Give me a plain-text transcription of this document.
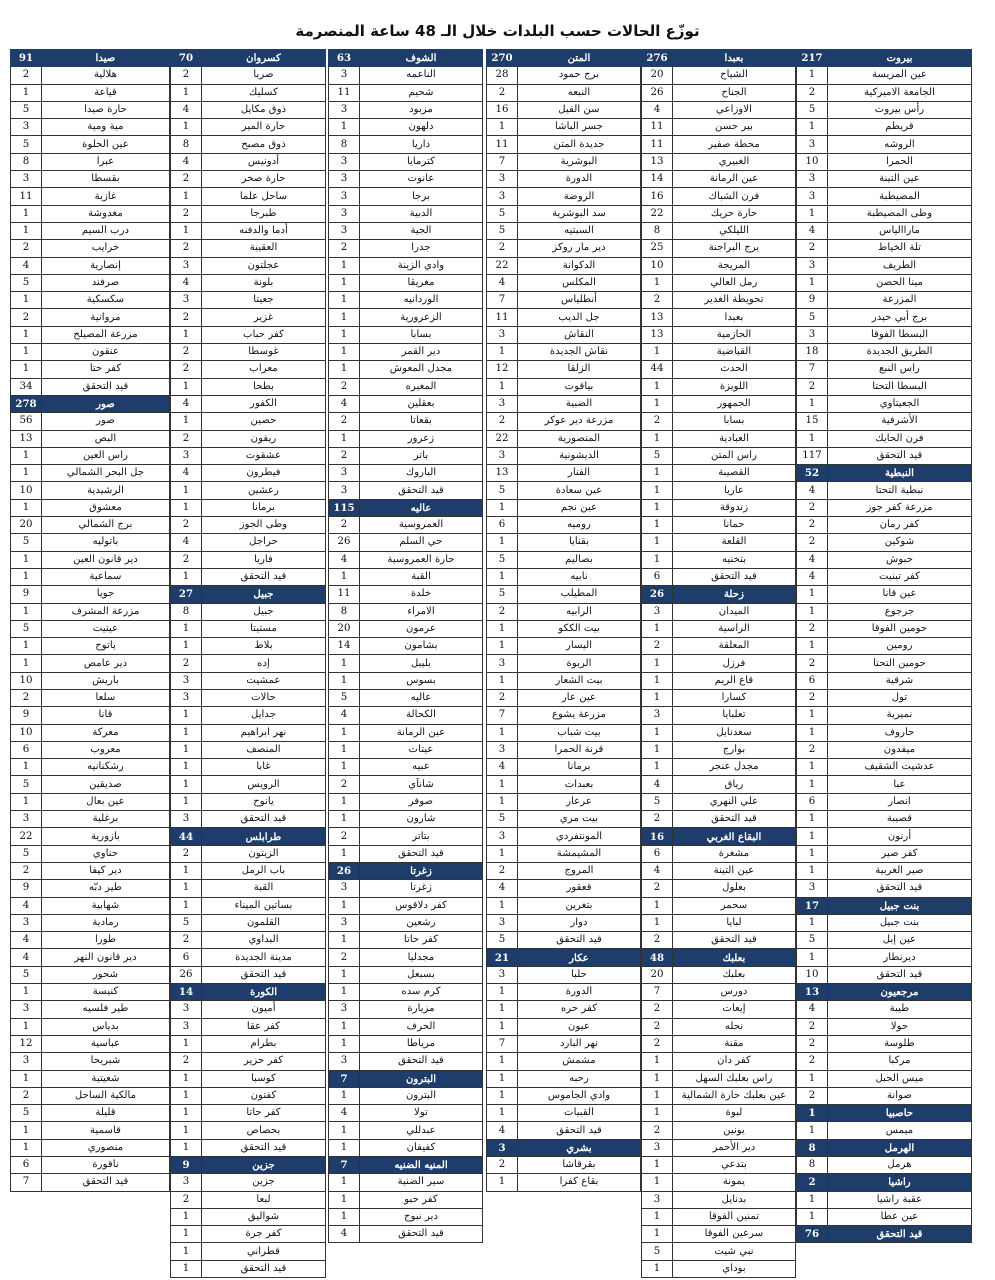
توزّع الحالات حسب البلدات خلال الـ 48 ساعة المنصرمة
217	بيروت
1	عين المريسة
2	الجامعة الاميركية
5	رأس بيروت
1	قريطم
3	الروشه
10	الحمرا
3	عين التينة
3	المصيطبة
1	وطى المصيطبة
4	ماراالياس
2	تلة الخياط
3	الطريف
1	مينا الحصن
9	المزرعة
5	برج أبي حيدر
3	البسطا الفوقا
18	الطريق الجديدة
7	راس النبع
2	البسطا التحتا
1	الجعيتاوي
15	الأشرفية
1	فرن الحايك
117	قيد التحقق
52	النبطية
4	نبطية التحتا
2	مزرعة كفر جوز
2	كفر رمان
2	شوكين
4	حبوش
4	كفر تبنيت
1	عين قانا
1	جرجوع
2	حومين الفوقا
1	رومين
2	حومين التحتا
6	شرقية
2	تول
1	نميرية
1	حاروف
2	ميفدون
1	عدشيت الشقيف
1	عبا
6	انصار
1	قصيبة
1	أرنون
1	كفر صير
1	صير الغربية
3	قيد التحقق
17	بنت جبيل
1	بنت جبيل
5	عين إبل
1	ديرنطار
10	قيد التحقق
13	مرجعيون
4	طيبة
2	حولا
2	طلوسة
2	مركبا
1	ميس الجبل
2	صوانة
1	حاصبيا
1	ميمس
8	الهرمل
8	هرمل
2	راشيا
1	عقبة راشيا
1	عين عطا
76	قيد التحقق
276	بعبدا
20	الشياح
26	الجناح
4	الاوزاعي
11	بير حسن
11	محطة صفير
13	الغبيري
14	عين الرمانة
16	فرن الشباك
22	حارة حريك
8	الليلكي
25	برج البراجنة
10	المريجة
1	رمل العالي
2	تحويطة الغدير
13	بعبدا
13	الحازمية
1	القياضية
44	الحدث
1	اللويزة
1	الجمهور
2	بسابا
1	العبادية
5	راس المتن
1	القصيبة
1	عاريا
1	زندوقة
1	حمانا
1	القلعة
1	بتخنيه
6	قيد التحقق
26	زحلة
3	الميدان
1	الراسية
2	المعلقة
1	فرزل
1	قاع الريم
1	كسارا
3	تعلبايا
1	سعدنايل
1	بوارج
1	مجدل عنجر
4	رياق
5	علي النهري
2	قيد التحقق
16	البقاع الغربي
6	مشغرة
4	عين التينة
2	بعلول
1	سحمر
1	لبايا
2	قيد التحقق
48	بعلبك
20	بعلبك
7	دورس
2	إيعات
2	نحله
2	مقنة
1	كفر دان
1	راس بعلبك السهل
1	عين بعلبك حارة الشمالية
1	لبوة
2	يونين
3	دير الأحمر
1	بتدعي
1	يمونة
3	بدنايل
1	تمنين الفوقا
1	سرعين الفوقا
5	نبي شيت
1	بوداي
270	المتن
28	برج حمود
2	النبعه
16	سن الفيل
1	جسر الباشا
11	جديدة المتن
7	البوشرية
3	الدورة
3	الروضة
5	سد البوشرية
5	السبتيه
2	دير مار روكز
22	الدكوانة
4	المكلس
7	أنطلياس
11	جل الديب
3	النقاش
1	نقاش الجديدة
12	الزلقا
1	بياقوت
3	الضبية
2	مزرعة دير عوكر
22	المنصورية
3	الديشونية
13	الفنار
5	عين سعادة
1	عين نجم
6	روميه
1	بقنايا
5	بصاليم
1	نابيه
5	المطيلب
2	الرابيه
1	بيت الككو
1	اليسار
3	الربوة
1	بيت الشعار
2	عين عار
7	مزرعة يشوع
1	بيت شباب
3	قرنة الحمرا
4	برمانا
1	بعبدات
1	عرعار
5	بيت مري
3	المونتفردي
1	المشيمشة
2	المروج
4	قعقور
1	بتغرين
3	دوار
5	قيد التحقق
21	عكار
3	حلبا
1	الدورة
1	كفر حره
1	عيون
7	نهر البارد
1	مشمش
1	رحبه
1	وادي الجاموس
1	القبيات
4	قيد التحقق
3	بشري
2	بقرقاشا
1	بقاع كفرا
63	الشوف
3	الناعمه
11	شحيم
3	مزبود
1	دلهون
8	داريا
3	كترمايا
3	عانوت
3	برجا
3	الدبية
3	الجية
2	جدرا
1	وادي الزينة
1	مغريقا
1	الوردانيه
1	الزعرورية
1	بسابا
1	دير القمر
1	مجدل المعوش
2	المغيره
4	بعقلين
2	بقعاتا
1	زعرور
2	باتر
3	الباروك
3	قيد التحقق
115	عاليه
2	العمروسية
26	حي السلم
4	حارة العمروسية
1	القبة
11	خلدة
8	الامراء
20	عرمون
14	بشامون
1	بليبل
1	بسوس
5	عاليه
4	الكحالة
1	عين الرمانة
1	عيتات
1	عبيه
2	شانآي
1	صوفر
1	شارون
2	بتاتر
1	قيد التحقق
26	زغرتا
3	زغرتا
1	كفر دلاقوس
3	رشعين
1	كفر حاتا
2	مجدليا
1	بسبعل
1	كرم سده
3	مزيارة
1	الحرف
1	مرياطا
3	قيد التحقق
7	البترون
1	البترون
4	تولا
1	عبدللي
1	كفيفان
7	المنيه الضنيه
1	سير الضنية
1	كفر حبو
1	دير نبوح
4	قيد التحقق
70	كسروان
2	صربا
1	كسليك
4	ذوق مكايل
1	حارة المير
8	ذوق مصبح
4	أدونيس
2	حارة صخر
1	ساحل علما
2	طبرجا
1	أدما والدفنه
2	العقيبة
3	عجلتون
4	بلونة
3	جعيتا
2	غزير
1	كفر حباب
2	غوسطا
2	معراب
1	بطحا
4	الكفور
1	حصين
2	ريفون
3	عشقوت
4	فيطرون
1	رعشين
1	برمانا
2	وطى الجوز
4	حراجل
2	فاريا
1	قيد التحقق
27	جبيل
8	جبيل
1	مستيتا
1	بلاط
2	إده
3	عمشيت
3	حالات
1	جدايل
1	نهر ابراهيم
1	المنصف
1	غابا
1	الرويس
1	يانوح
3	قيد التحقق
44	طرابلس
2	الزيتون
1	باب الرمل
1	القبة
1	بساتين الميناء
5	القلمون
2	البداوي
6	مدينة الجديدة
26	قيد التحقق
14	الكورة
3	أميون
3	كفر عقا
1	بطرام
2	كفر حزير
1	كوسبا
1	كفتون
1	كفر حاتا
1	بحصاص
1	قيد التحقق
9	جزين
3	جزين
2	لبعا
1	شواليق
1	كفر جرة
1	قطراني
1	قيد التحقق
91	صيدا
2	هلالية
1	قياعة
5	حارة صيدا
3	مية ومية
5	عين الحلوة
8	عبرا
3	بقسطا
11	غازية
1	مغدوشة
1	درب السيم
2	خرايب
4	إنصارية
5	صرفند
1	سكسكية
2	مروانية
1	مزرعة المصيلح
1	عنقون
1	كفر حتا
34	قيد التحقق
278	صور
56	صور
13	البص
1	راس العين
1	جل البحر الشمالي
10	الرشيدية
1	معشوق
20	برج الشمالي
5	باتوليه
1	دير قانون العين
1	سماعية
9	جويا
1	مزرعة المشرف
5	عيتيت
1	ياتوح
1	دير عامص
10	باريش
2	سلعا
9	قانا
10	معركة
6	معروب
1	رشكنانيه
5	صديقين
1	عين بعال
3	برغلية
22	بازورية
5	حناوي
2	دير كيفا
9	طير دبّه
4	شهابية
3	رمادية
4	طورا
4	دير قانون النهر
5	شحور
1	كنيسة
3	طير فلسيه
1	بدياس
12	عباسية
3	شبريحا
1	شعيتية
2	مالكية الساحل
5	قليلة
1	قاسمية
1	منصوري
6	ناقورة
7	قيد التحقق
